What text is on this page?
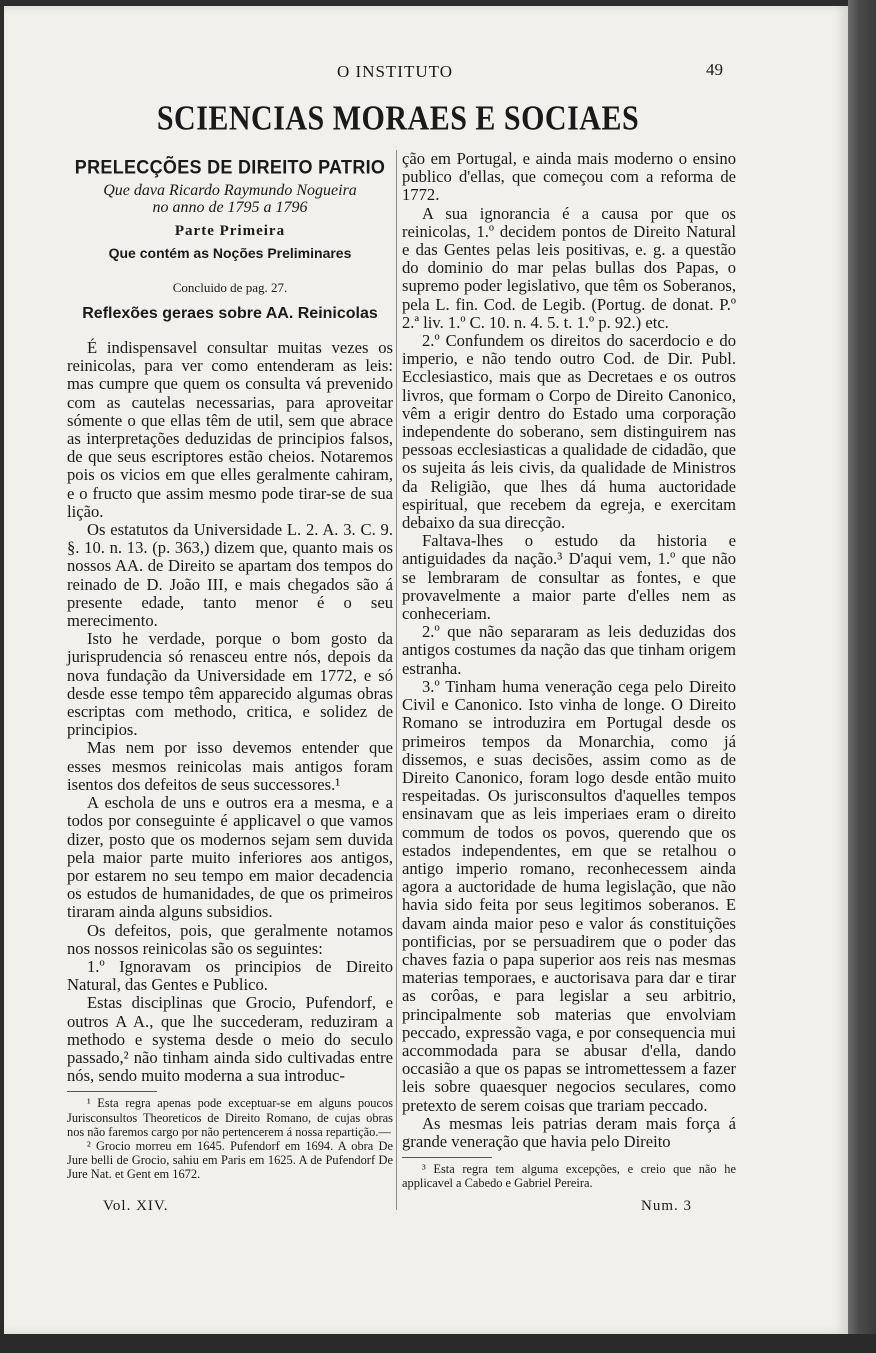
O INSTITUTO	49
SCIENCIAS MORAES E SOCIAES
PRELECÇÕES DE DIREITO PATRIO
Que dava Ricardo Raymundo Nogueira
no anno de 1795 a 1796
Parte Primeira
Que contém as Noções Preliminares
Concluido de pag. 27.
Reflexões geraes sobre AA. Reinicolas

É indispensavel consultar muitas vezes os reinicolas, para ver como entenderam as leis: mas cumpre que quem os consulta vá prevenido com as cautelas necessarias, para aproveitar sómente o que ellas têm de util, sem que abrace as interpretações deduzidas de principios falsos, de que seus escriptores estão cheios. Notaremos pois os vicios em que elles geralmente cahiram, e o fructo que assim mesmo pode tirar-se de sua lição.

Os estatutos da Universidade L. 2. A. 3. C. 9. §. 10. n. 13. (p. 363,) dizem que, quanto mais os nossos AA. de Direito se apartam dos tempos do reinado de D. João III, e mais chegados são á presente edade, tanto menor é o seu merecimento.

Isto he verdade, porque o bom gosto da jurisprudencia só renasceu entre nós, depois da nova fundação da Universidade em 1772, e só desde esse tempo têm apparecido algumas obras escriptas com methodo, critica, e solidez de principios.

Mas nem por isso devemos entender que esses mesmos reinicolas mais antigos foram isentos dos defeitos de seus successores.¹

A eschola de uns e outros era a mesma, e a todos por conseguinte é applicavel o que vamos dizer, posto que os modernos sejam sem duvida pela maior parte muito inferiores aos antigos, por estarem no seu tempo em maior decadencia os estudos de humanidades, de que os primeiros tiraram ainda alguns subsidios.

Os defeitos, pois, que geralmente notamos nos nossos reinicolas são os seguintes:

1.º Ignoravam os principios de Direito Natural, das Gentes e Publico.

Estas disciplinas que Grocio, Pufendorf, e outros A A., que lhe succederam, reduziram a methodo e systema desde o meio do seculo passado,² não tinham ainda sido cultivadas entre nós, sendo muito moderna a sua introduc-

¹ Esta regra apenas pode exceptuar-se em alguns poucos Jurisconsultos Theoreticos de Direito Romano, de cujas obras nos não faremos cargo por não pertencerem á nossa repartição.—

² Grocio morreu em 1645. Pufendorf em 1694. A obra De Jure belli de Grocio, sahiu em Paris em 1625. A de Pufendorf De Jure Nat. et Gent em 1672.

ção em Portugal, e ainda mais moderno o ensino publico d'ellas, que começou com a reforma de 1772.

A sua ignorancia é a causa por que os reinicolas, 1.º decidem pontos de Direito Natural e das Gentes pelas leis positivas, e. g. a questão do dominio do mar pelas bullas dos Papas, o supremo poder legislativo, que têm os Soberanos, pela L. fin. Cod. de Legib. (Portug. de donat. P.º 2.ª liv. 1.º C. 10. n. 4. 5. t. 1.º p. 92.) etc.

2.º Confundem os direitos do sacerdocio e do imperio, e não tendo outro Cod. de Dir. Publ. Ecclesiastico, mais que as Decretaes e os outros livros, que formam o Corpo de Direito Canonico, vêm a erigir dentro do Estado uma corporação independente do soberano, sem distinguirem nas pessoas ecclesiasticas a qualidade de cidadão, que os sujeita ás leis civis, da qualidade de Ministros da Religião, que lhes dá huma auctoridade espiritual, que recebem da egreja, e exercitam debaixo da sua direcção.

Faltava-lhes o estudo da historia e antiguidades da nação.³ D'aqui vem, 1.º que não se lembraram de consultar as fontes, e que provavelmente a maior parte d'elles nem as conheceriam.

2.º que não separaram as leis deduzidas dos antigos costumes da nação das que tinham origem estranha.

3.º Tinham huma veneração cega pelo Direito Civil e Canonico. Isto vinha de longe. O Direito Romano se introduzira em Portugal desde os primeiros tempos da Monarchia, como já dissemos, e suas decisões, assim como as de Direito Canonico, foram logo desde então muito respeitadas. Os jurisconsultos d'aquelles tempos ensinavam que as leis imperiaes eram o direito commum de todos os povos, querendo que os estados independentes, em que se retalhou o antigo imperio romano, reconhecessem ainda agora a auctoridade de huma legislação, que não havia sido feita por seus legitimos soberanos. E davam ainda maior peso e valor ás constituições pontificias, por se persuadirem que o poder das chaves fazia o papa superior aos reis nas mesmas materias temporaes, e auctorisava para dar e tirar as corôas, e para legislar a seu arbitrio, principalmente sob materias que envolviam peccado, expressão vaga, e por consequencia mui accommodada para se abusar d'ella, dando occasião a que os papas se intromettessem a fazer leis sobre quaesquer negocios seculares, como pretexto de serem coisas que trariam peccado.

As mesmas leis patrias deram mais força á grande veneração que havia pelo Direito

³ Esta regra tem alguma excepções, e creio que não he applicavel a Cabedo e Gabriel Pereira.

Vol. XIV.	Num. 3
